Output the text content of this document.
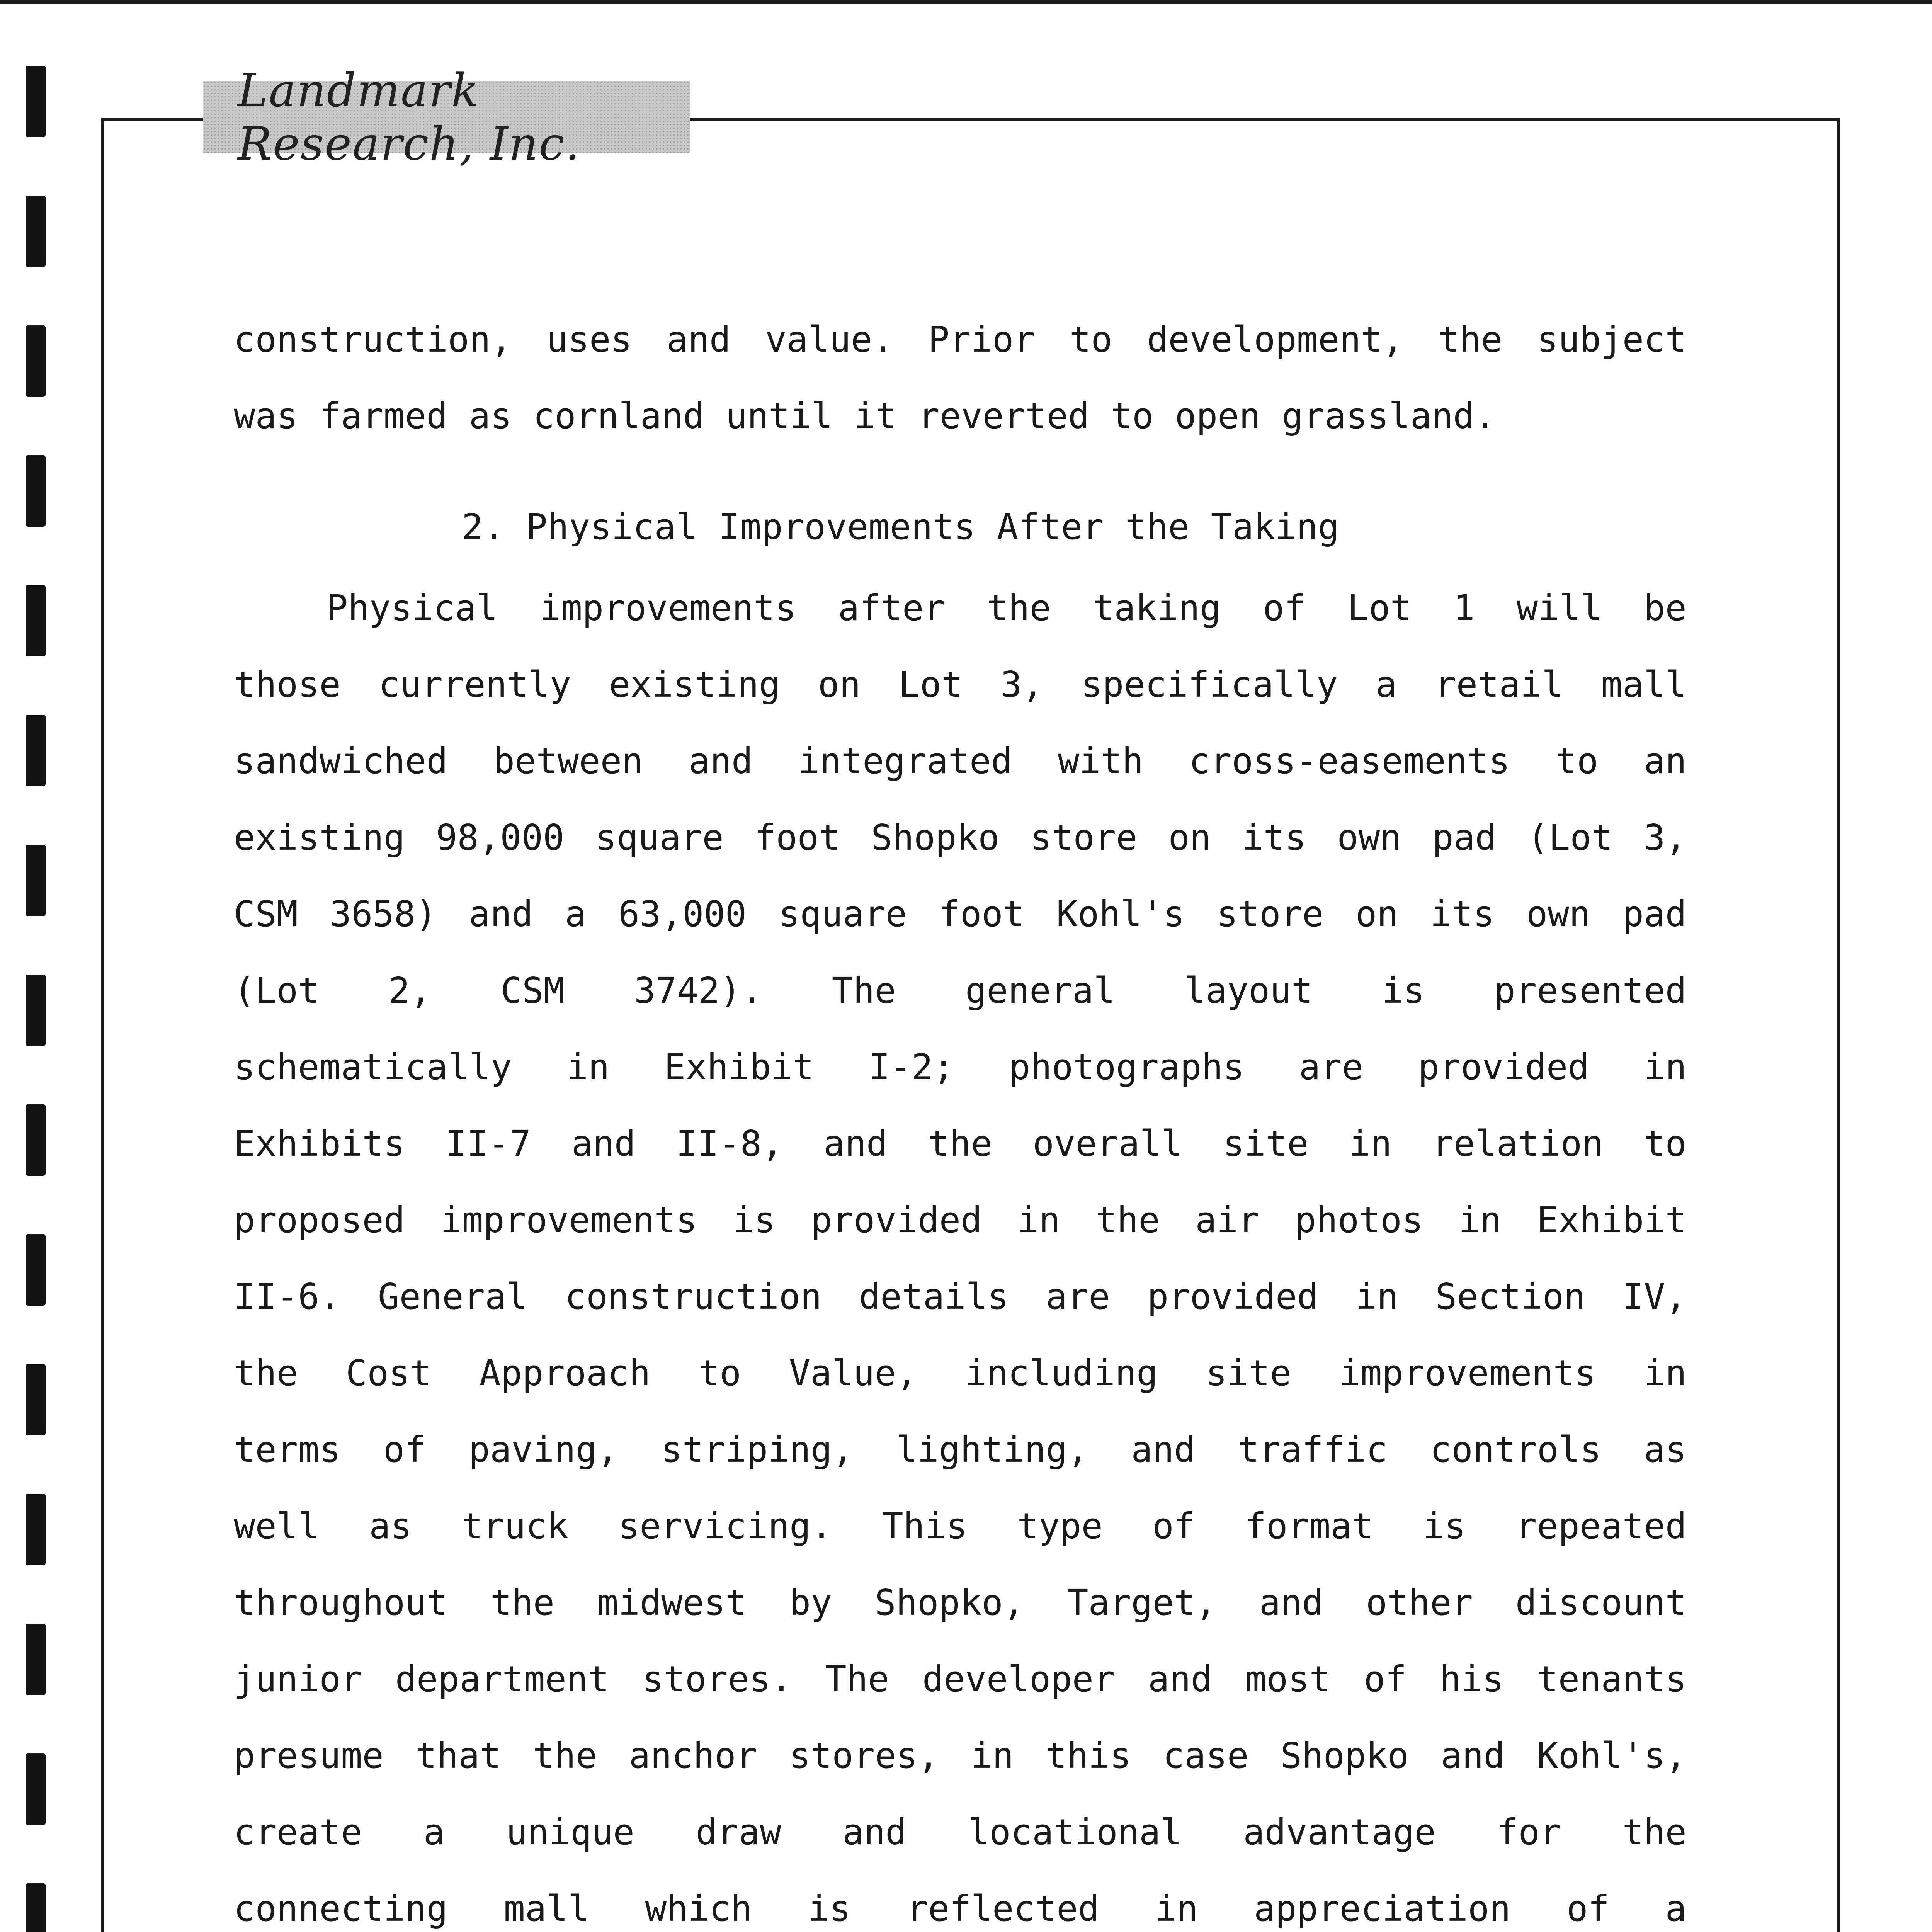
Landmark Research, Inc.
construction, uses and value. Prior to development, the subject
was farmed as cornland until it reverted to open grassland.
2. Physical Improvements After the Taking
Physical improvements after the taking of Lot 1 will be
those currently existing on Lot 3, specifically a retail mall
sandwiched between and integrated with cross-easements to an
existing 98,000 square foot Shopko store on its own pad (Lot 3,
CSM 3658) and a 63,000 square foot Kohl's store on its own pad
(Lot 2, CSM 3742). The general layout is presented
schematically in Exhibit I-2; photographs are provided in
Exhibits II-7 and II-8, and the overall site in relation to
proposed improvements is provided in the air photos in Exhibit
II-6. General construction details are provided in Section IV,
the Cost Approach to Value, including site improvements in
terms of paving, striping, lighting, and traffic controls as
well as truck servicing. This type of format is repeated
throughout the midwest by Shopko, Target, and other discount
junior department stores. The developer and most of his tenants
presume that the anchor stores, in this case Shopko and Kohl's,
create a unique draw and locational advantage for the
connecting mall which is reflected in appreciation of a
